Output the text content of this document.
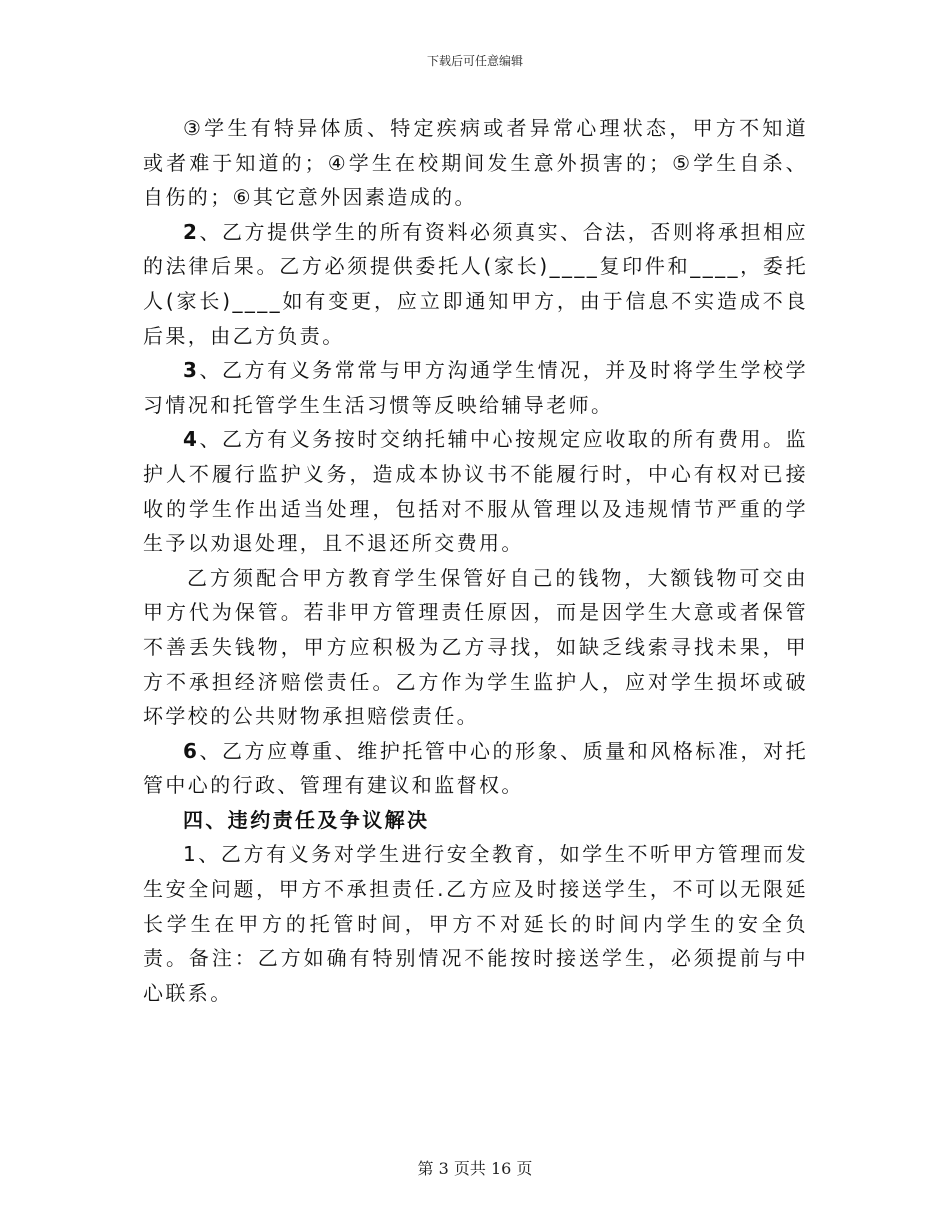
下载后可任意编辑

③学生有特异体质、特定疾病或者异常心理状态，甲方不知道或者难于知道的；④学生在校期间发生意外损害的；⑤学生自杀、自伤的；⑥其它意外因素造成的。

2、乙方提供学生的所有资料必须真实、合法，否则将承担相应的法律后果。乙方必须提供委托人(家长)____复印件和____，委托人(家长)____如有变更，应立即通知甲方，由于信息不实造成不良后果，由乙方负责。

3、乙方有义务常常与甲方沟通学生情况，并及时将学生学校学习情况和托管学生生活习惯等反映给辅导老师。

4、乙方有义务按时交纳托辅中心按规定应收取的所有费用。监护人不履行监护义务，造成本协议书不能履行时，中心有权对已接收的学生作出适当处理，包括对不服从管理以及违规情节严重的学生予以劝退处理，且不退还所交费用。

乙方须配合甲方教育学生保管好自己的钱物，大额钱物可交由甲方代为保管。若非甲方管理责任原因，而是因学生大意或者保管不善丢失钱物，甲方应积极为乙方寻找，如缺乏线索寻找未果，甲方不承担经济赔偿责任。乙方作为学生监护人，应对学生损坏或破坏学校的公共财物承担赔偿责任。

6、乙方应尊重、维护托管中心的形象、质量和风格标准，对托管中心的行政、管理有建议和监督权。

四、违约责任及争议解决

1、乙方有义务对学生进行安全教育，如学生不听甲方管理而发生安全问题，甲方不承担责任.乙方应及时接送学生，不可以无限延长学生在甲方的托管时间，甲方不对延长的时间内学生的安全负责。备注：乙方如确有特别情况不能按时接送学生，必须提前与中心联系。

第 3 页共 16 页
